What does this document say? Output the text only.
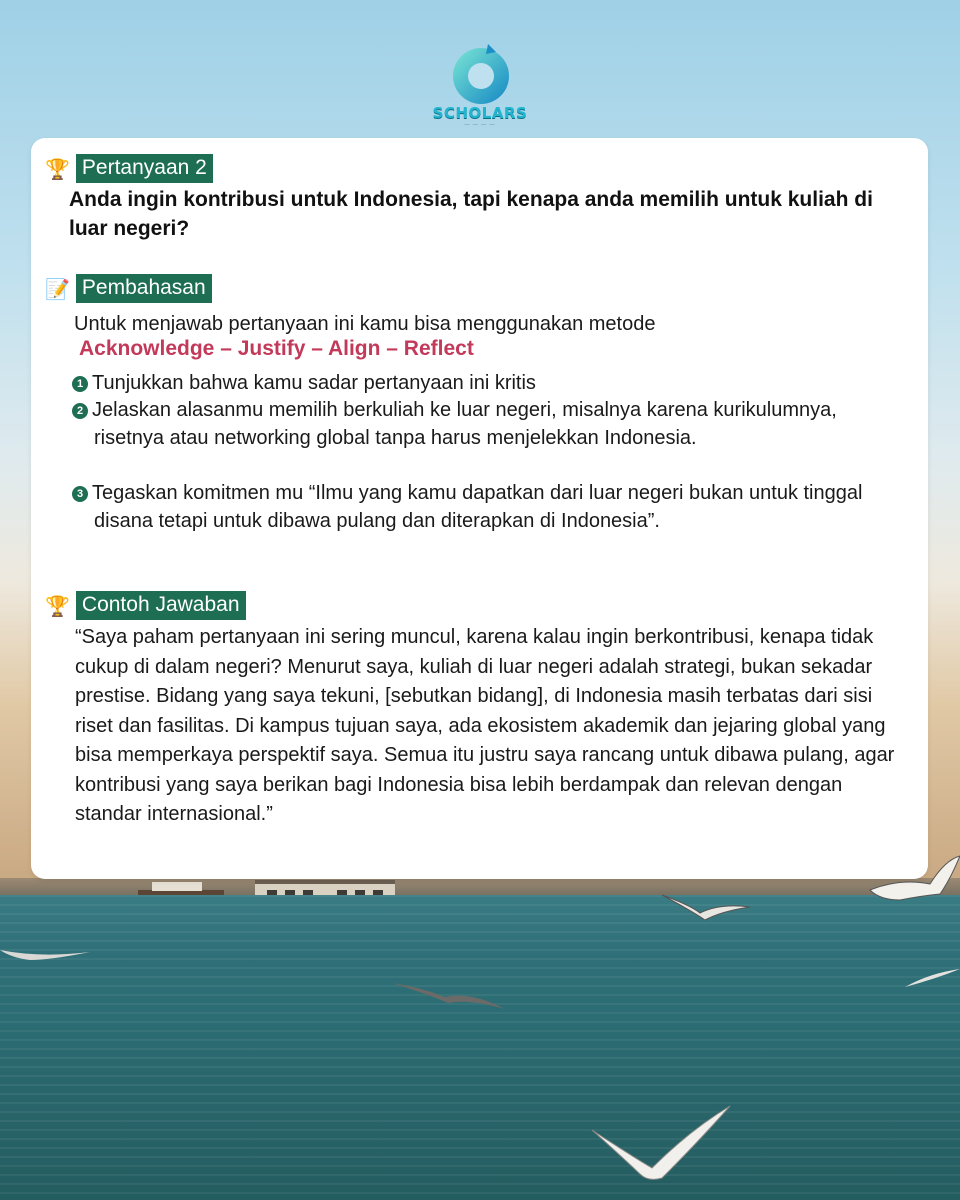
SCHOLARS
— — — —
🏆 Pertanyaan 2
Anda ingin kontribusi untuk Indonesia, tapi kenapa anda memilih untuk kuliah di luar negeri?
📝 Pembahasan
Untuk menjawab pertanyaan ini kamu bisa menggunakan metode
Acknowledge – Justify – Align – Reflect
1 Tunjukkan bahwa kamu sadar pertanyaan ini kritis
2 Jelaskan alasanmu memilih berkuliah ke luar negeri, misalnya karena kurikulumnya, risetnya atau networking global tanpa harus menjelekkan Indonesia.
3 Tegaskan komitmen mu “Ilmu yang kamu dapatkan dari luar negeri bukan untuk tinggal disana tetapi untuk dibawa pulang dan diterapkan di Indonesia”.
🏆 Contoh Jawaban
“Saya paham pertanyaan ini sering muncul, karena kalau ingin berkontribusi, kenapa tidak cukup di dalam negeri? Menurut saya, kuliah di luar negeri adalah strategi, bukan sekadar prestise. Bidang yang saya tekuni, [sebutkan bidang], di Indonesia masih terbatas dari sisi riset dan fasilitas. Di kampus tujuan saya, ada ekosistem akademik dan jejaring global yang bisa memperkaya perspektif saya. Semua itu justru saya rancang untuk dibawa pulang, agar kontribusi yang saya berikan bagi Indonesia bisa lebih berdampak dan relevan dengan standar internasional.”
